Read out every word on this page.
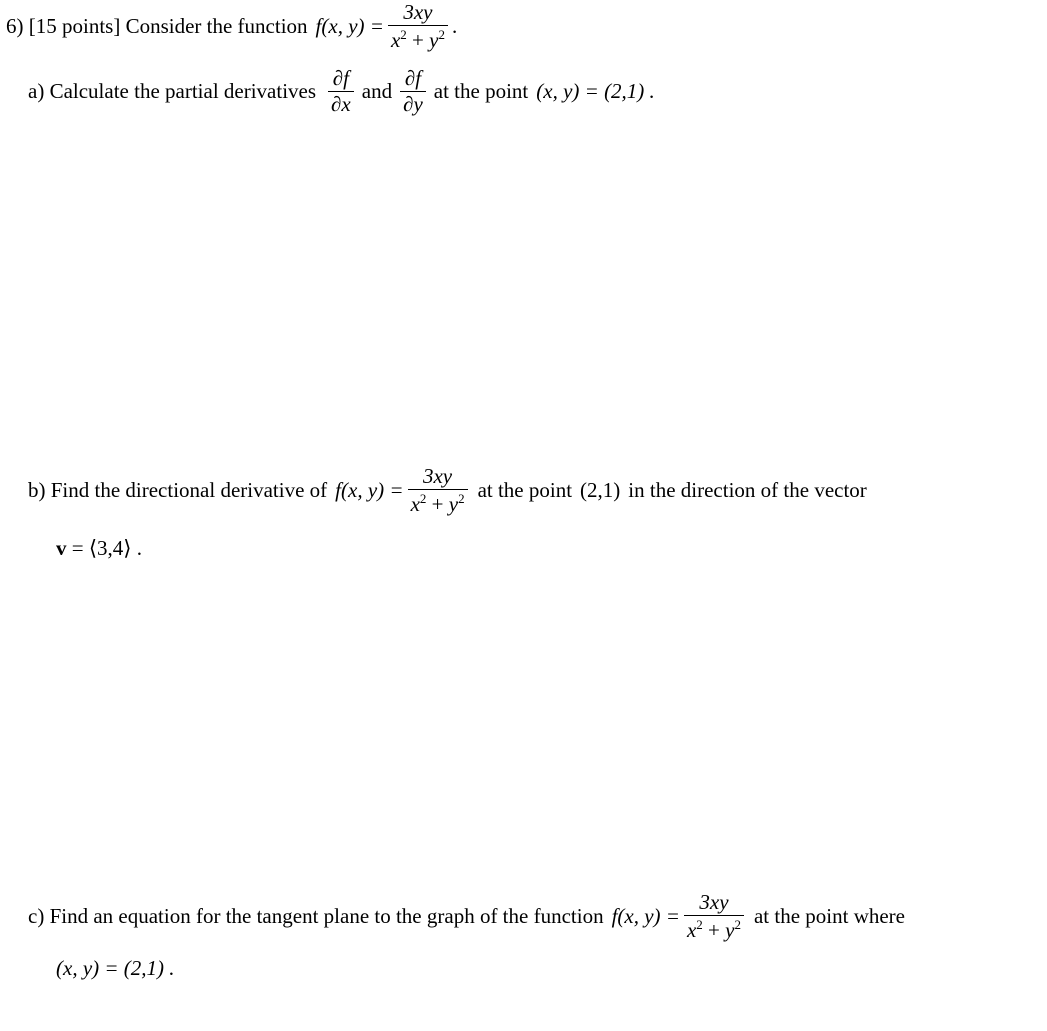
6) [15 points] Consider the function f(x, $y) = \frac{3xy}{x^2 + y^2}$ .
a) Calculate the partial derivatives $\frac{\partial f}{\partial x}$ and $\frac{\partial f}{\partial y}$ at the point (x, y) = (2,1) .
b) Find the directional derivative of f(x, $y) = \frac{3xy}{x^2 + y^2}$ at the point (2,1) in the direction of the vector
v = ⟨3,4⟩ .
c) Find an equation for the tangent plane to the graph of the function f(x, $y) = \frac{3xy}{x^2 + y^2}$ at the point where
(x, y) = (2,1) .
